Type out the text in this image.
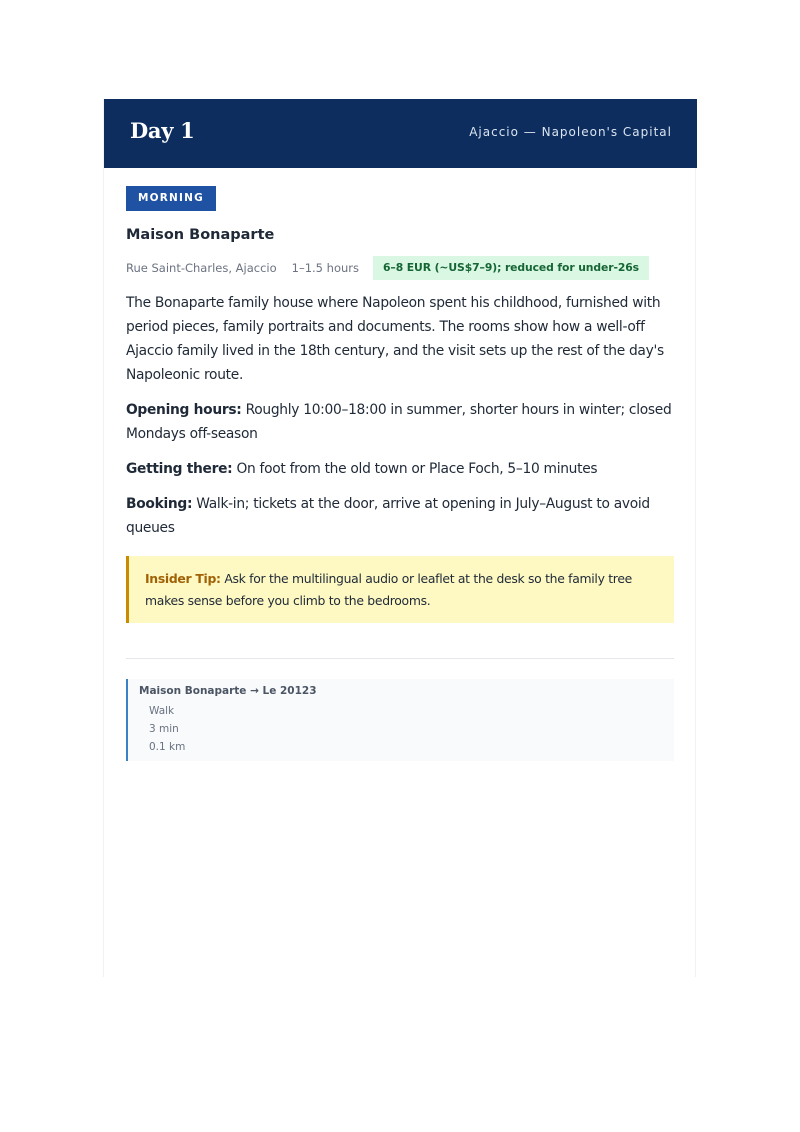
Day 1	Ajaccio — Napoleon's Capital
MORNING
Maison Bonaparte
Rue Saint-Charles, Ajaccio 1–1.5 hours	6–8 EUR (~US$7–9); reduced for under-26s
The Bonaparte family house where Napoleon spent his childhood, furnished with period pieces, family portraits and documents. The rooms show how a well-off Ajaccio family lived in the 18th century, and the visit sets up the rest of the day's Napoleonic route.
Opening hours: Roughly 10:00–18:00 in summer, shorter hours in winter; closed Mondays off-season
Getting there: On foot from the old town or Place Foch, 5–10 minutes
Booking: Walk-in; tickets at the door, arrive at opening in July–August to avoid queues
Insider Tip: Ask for the multilingual audio or leaflet at the desk so the family tree makes sense before you climb to the bedrooms.
Maison Bonaparte → Le 20123
Walk
3 min
0.1 km
